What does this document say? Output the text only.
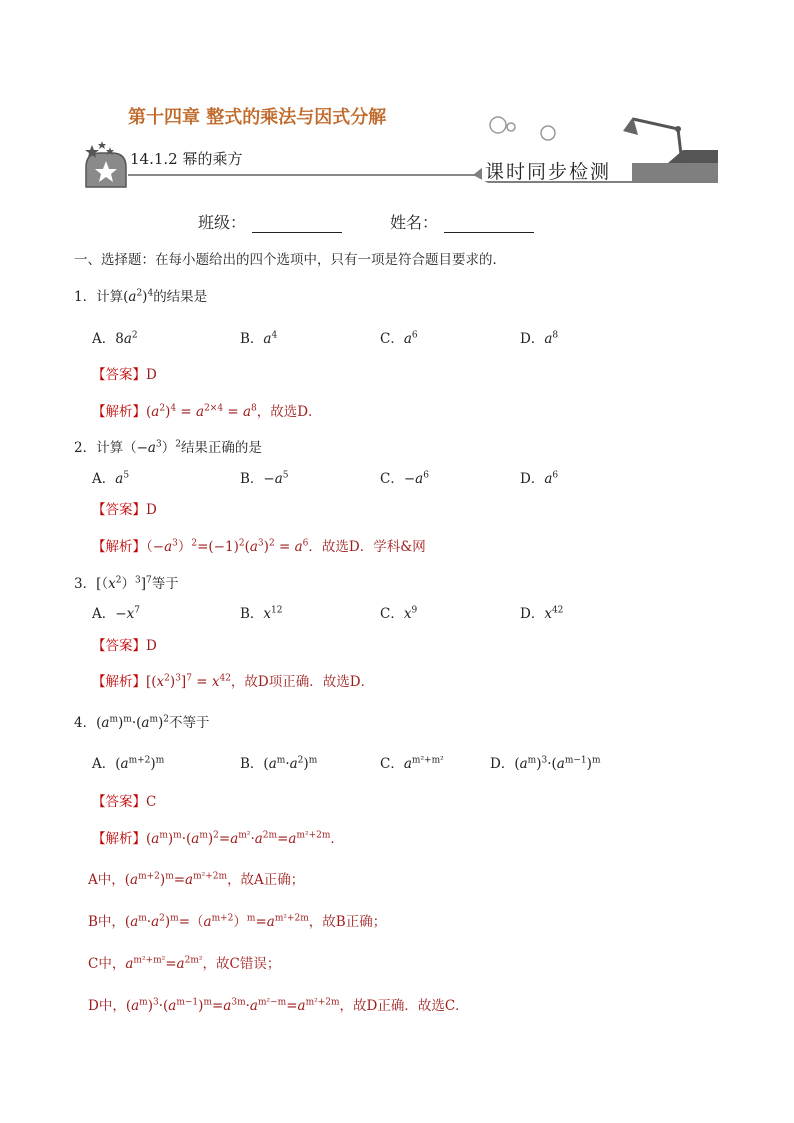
第十四章 整式的乘法与因式分解
14.1.2 幂的乘方
课时同步检测
班级：	姓名：
一、选择题：在每小题给出的四个选项中，只有一项是符合题目要求的．
1．计算$(a^2)^4$的结果是
A．$8a^2$	B．$a^4$	C．$a^6$	D．$a^8$
【答案】D
【解析】$(a^2)^4 = a^{2\times 4} = a^8$，故选D．
2．计算$(-a^3)^2$结果正确的是
A．$a^5$	B．$-a^5$	C．$-a^6$	D．$a^6$
【答案】D
【解析】$(-a^3)^2=(-1)^2(a^3)^2 = a^6$．故选D．学科&网
3．$[(x^2)^3]^7$等于
A．$-x^7$	B．$x^{12}$	C．$x^9$	D．$x^{42}$
【答案】D
【解析】$[(x^2)^3]^7 = x^{42}$，故D项正确．故选D．
4．$(a^m)^m\cdot(a^m)^2$不等于
A．$(a^{m+2})^m$	B．$(a^m\cdot a^2)^m$	C．$a^{m^2+m^2}$	D．$(a^m)^3\cdot(a^{m-1})^m$
【答案】C
【解析】$(a^m)^m\cdot(a^m)^2=a^{m^2}\cdot a^{2m}=a^{m^2+2m}$．
A中，$(a^{m+2})^m=a^{m^2+2m}$，故A正确；
B中，$(a^m\cdot a^2)^m=(a^{m+2})^m=a^{m^2+2m}$，故B正确；
C中，$a^{m^2+m^2}=a^{2m^2}$，故C错误；
D中，$(a^m)^3\cdot(a^{m-1})^m=a^{3m}\cdot a^{m^2-m}=a^{m^2+2m}$，故D正确．故选C．
